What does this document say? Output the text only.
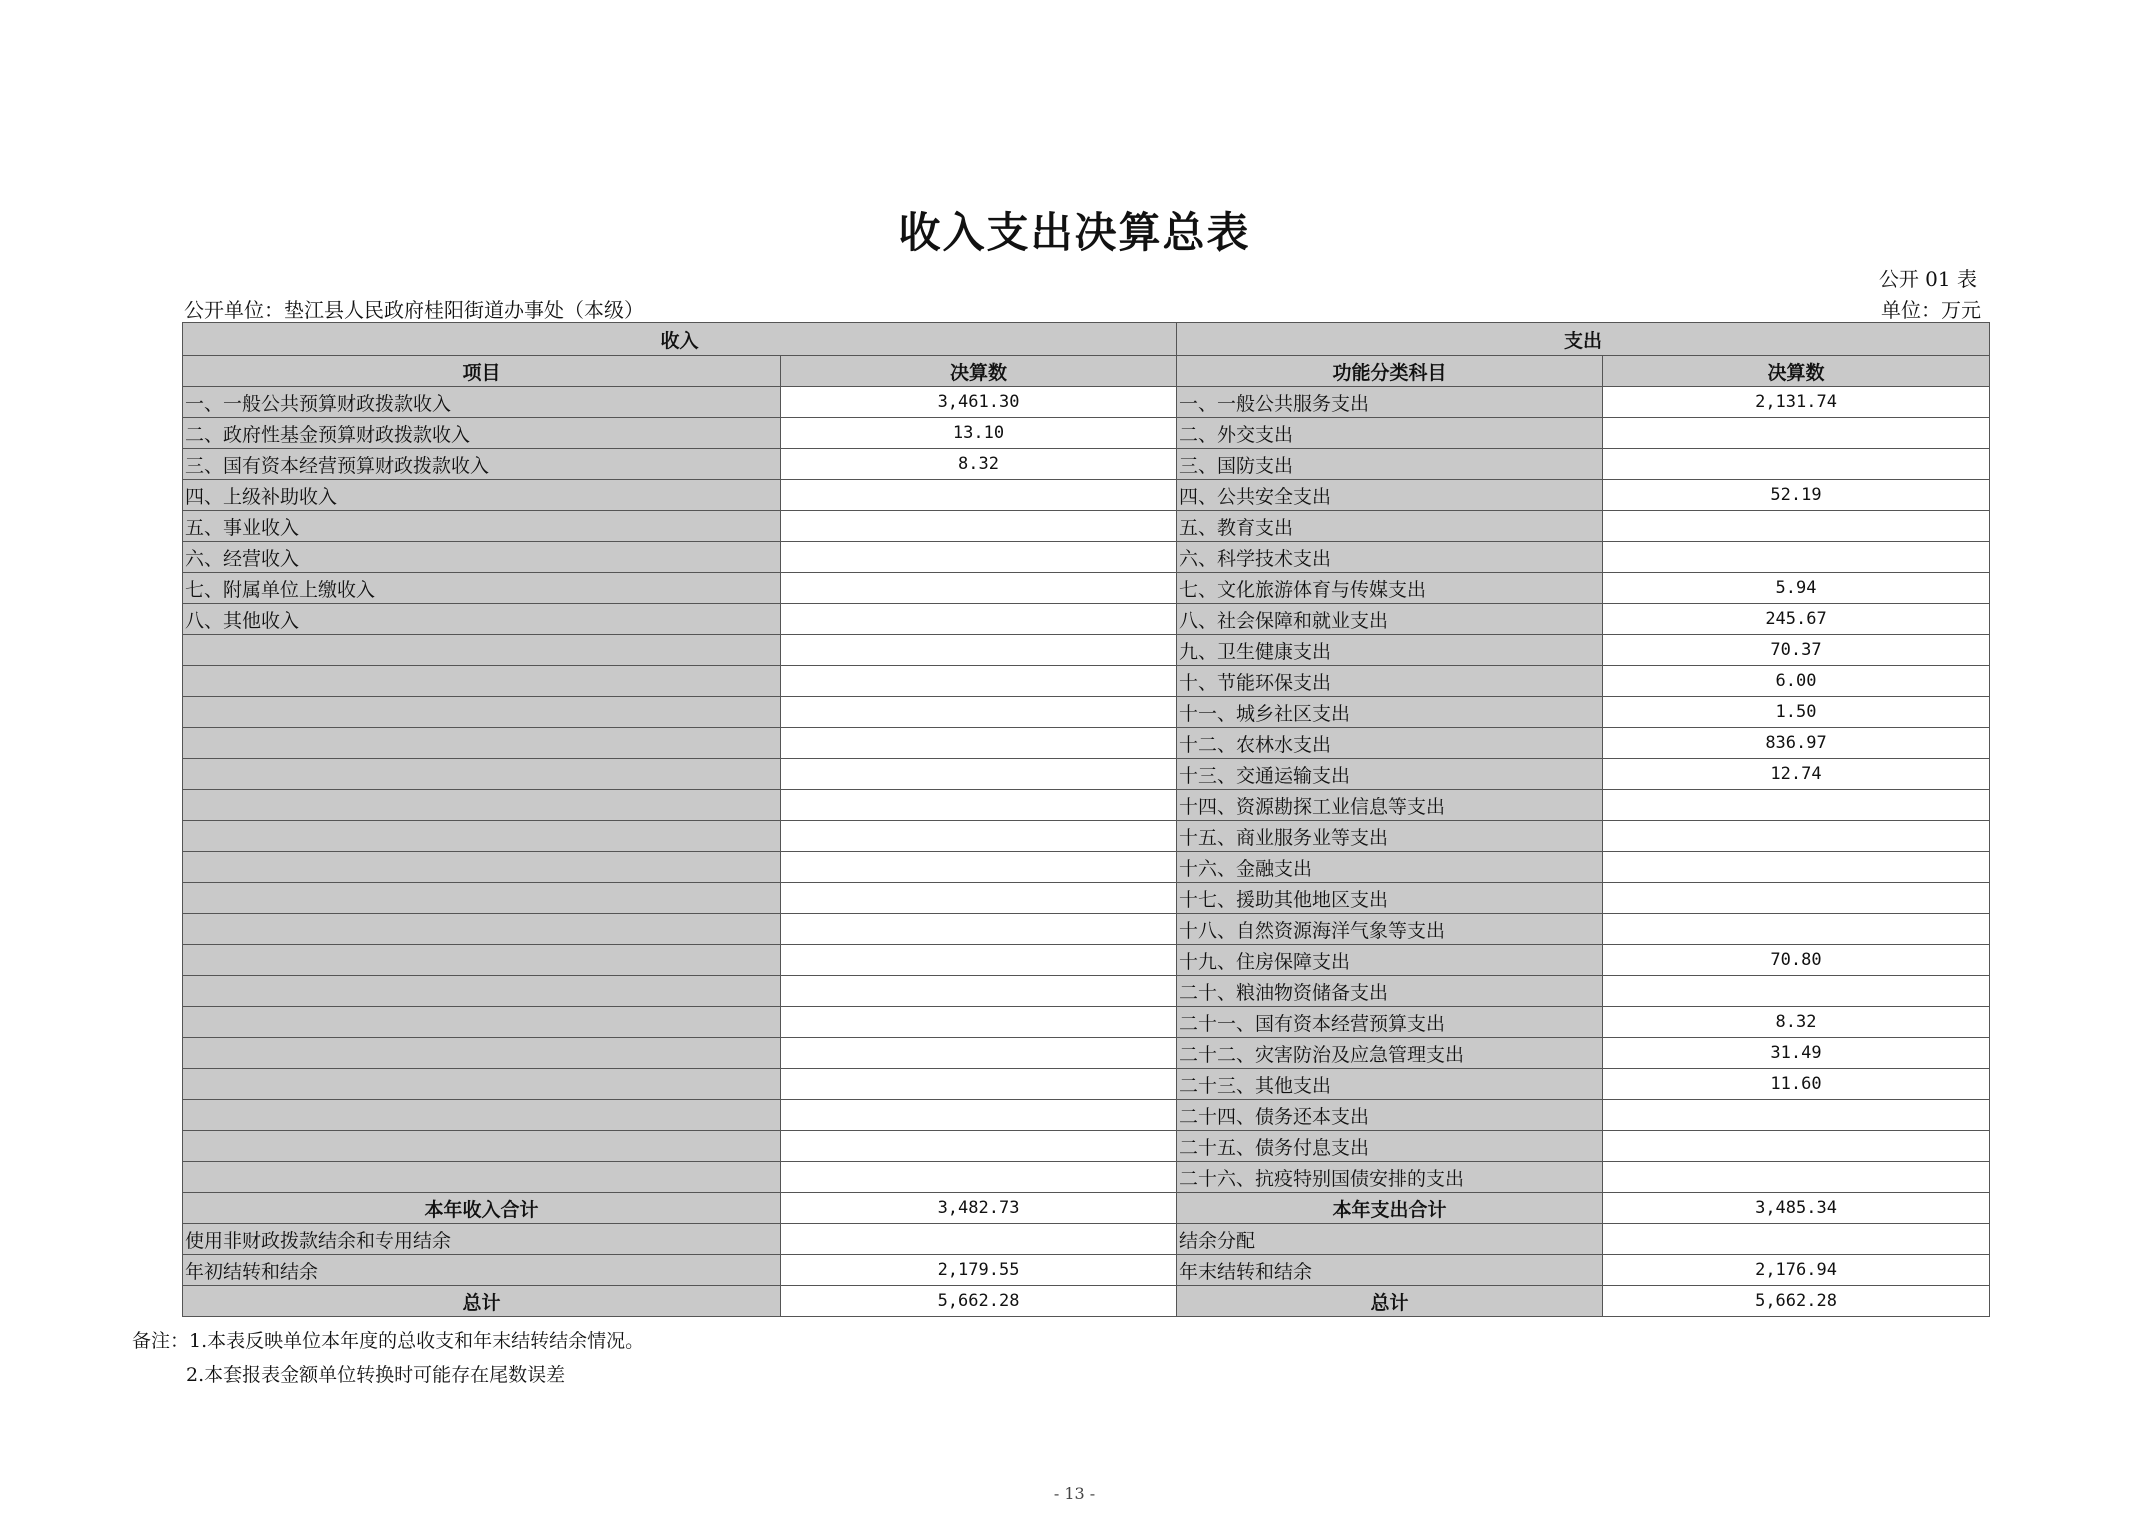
收入支出决算总表
公开 01 表
公开单位：垫江县人民政府桂阳街道办事处（本级）	单位：万元
收入		支出	
项目	决算数	功能分类科目	决算数
一、一般公共预算财政拨款收入	3,461.30	一、一般公共服务支出	2,131.74
二、政府性基金预算财政拨款收入	13.10	二、外交支出	
三、国有资本经营预算财政拨款收入	8.32	三、国防支出	
四、上级补助收入		四、公共安全支出	52.19
五、事业收入		五、教育支出	
六、经营收入		六、科学技术支出	
七、附属单位上缴收入		七、文化旅游体育与传媒支出	5.94
八、其他收入		八、社会保障和就业支出	245.67
		九、卫生健康支出	70.37
		十、节能环保支出	6.00
		十一、城乡社区支出	1.50
		十二、农林水支出	836.97
		十三、交通运输支出	12.74
		十四、资源勘探工业信息等支出	
		十五、商业服务业等支出	
		十六、金融支出	
		十七、援助其他地区支出	
		十八、自然资源海洋气象等支出	
		十九、住房保障支出	70.80
		二十、粮油物资储备支出	
		二十一、国有资本经营预算支出	8.32
		二十二、灾害防治及应急管理支出	31.49
		二十三、其他支出	11.60
		二十四、债务还本支出	
		二十五、债务付息支出	
		二十六、抗疫特别国债安排的支出	
本年收入合计	3,482.73	本年支出合计	3,485.34
使用非财政拨款结余和专用结余		结余分配	
年初结转和结余	2,179.55	年末结转和结余	2,176.94
总计	5,662.28	总计	5,662.28
备注：1.本表反映单位本年度的总收支和年末结转结余情况。
2.本套报表金额单位转换时可能存在尾数误差
- 13 -
